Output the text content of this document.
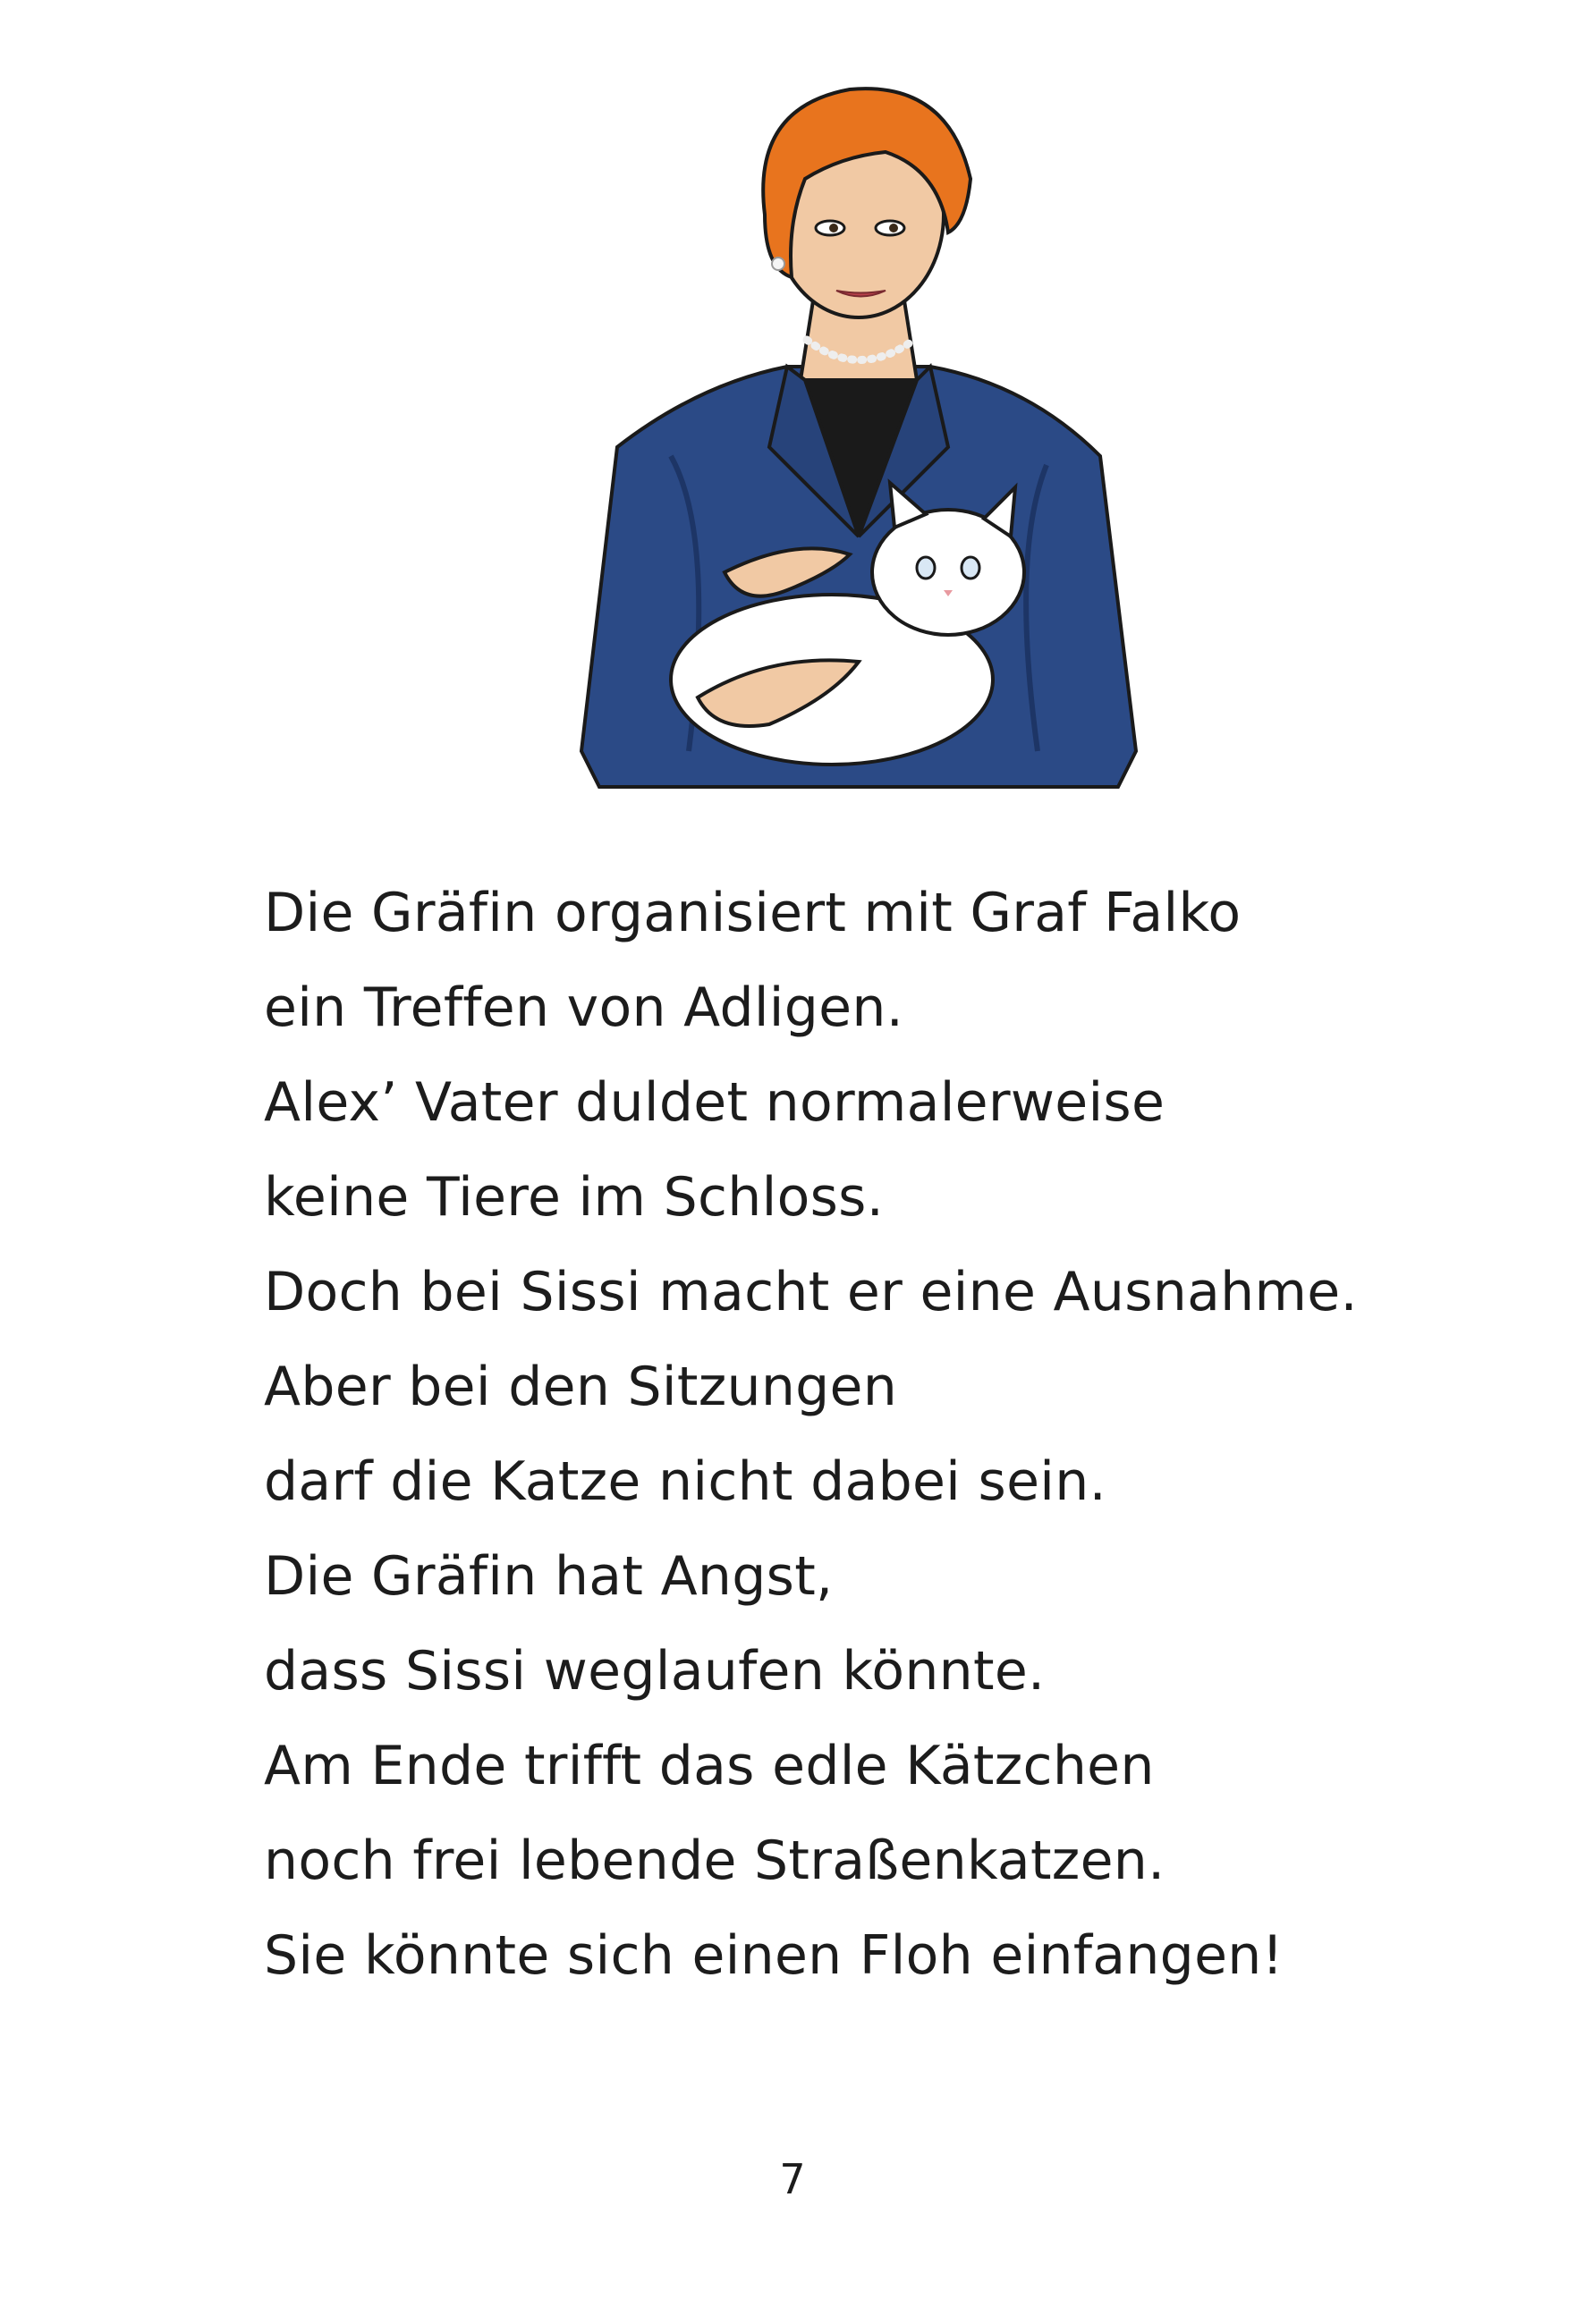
Die Gräfin organisiert mit Graf Falko
ein Treffen von Adligen.
Alex’ Vater duldet normalerweise
keine Tiere im Schloss.
Doch bei Sissi macht er eine Ausnahme.
Aber bei den Sitzungen
darf die Katze nicht dabei sein.
Die Gräfin hat Angst,
dass Sissi weglaufen könnte.
Am Ende trifft das edle Kätzchen
noch frei lebende Straßenkatzen.
Sie könnte sich einen Floh einfangen!
7
